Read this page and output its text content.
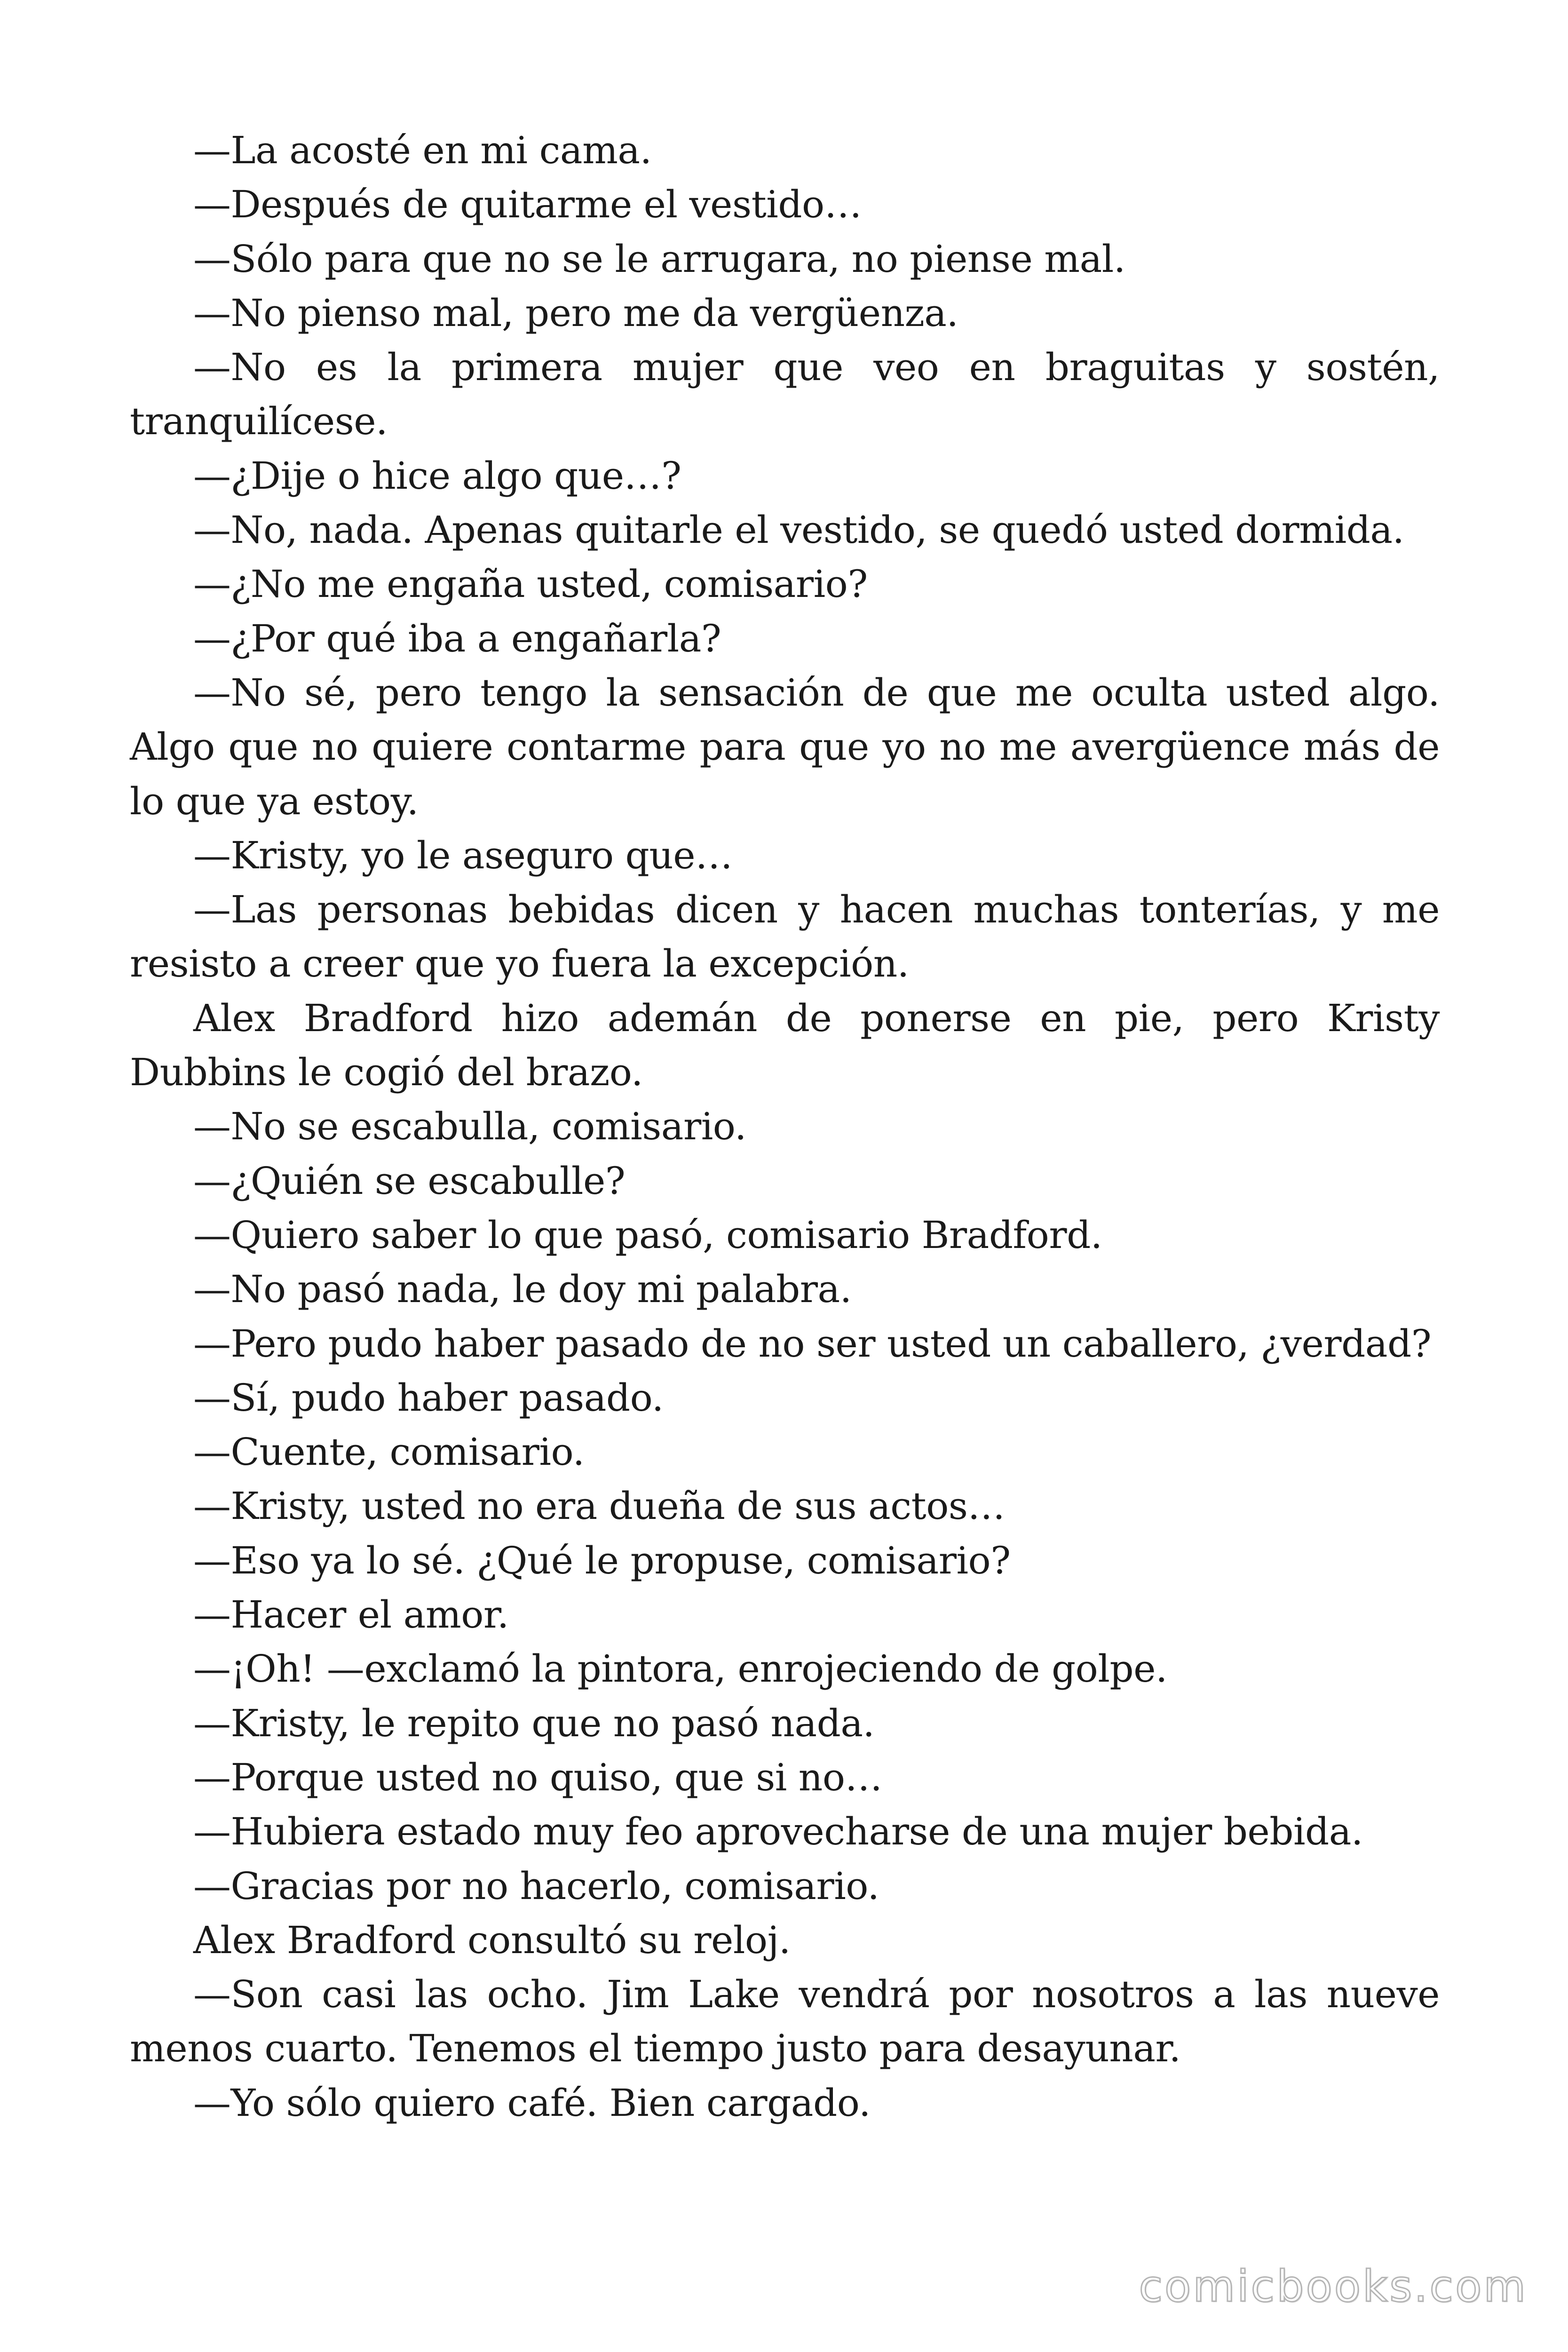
—La acosté en mi cama.

—Después de quitarme el vestido…

—Sólo para que no se le arrugara, no piense mal.

—No pienso mal, pero me da vergüenza.

—No es la primera mujer que veo en braguitas y sostén, tranquilícese.

—¿Dije o hice algo que…?

—No, nada. Apenas quitarle el vestido, se quedó usted dormida.

—¿No me engaña usted, comisario?

—¿Por qué iba a engañarla?

—No sé, pero tengo la sensación de que me oculta usted algo. Algo que no quiere contarme para que yo no me avergüence más de lo que ya estoy.

—Kristy, yo le aseguro que…

—Las personas bebidas dicen y hacen muchas tonterías, y me resisto a creer que yo fuera la excepción.

Alex Bradford hizo ademán de ponerse en pie, pero Kristy Dubbins le cogió del brazo.

—No se escabulla, comisario.

—¿Quién se escabulle?

—Quiero saber lo que pasó, comisario Bradford.

—No pasó nada, le doy mi palabra.

—Pero pudo haber pasado de no ser usted un caballero, ¿verdad?

—Sí, pudo haber pasado.

—Cuente, comisario.

—Kristy, usted no era dueña de sus actos…

—Eso ya lo sé. ¿Qué le propuse, comisario?

—Hacer el amor.

—¡Oh! —exclamó la pintora, enrojeciendo de golpe.

—Kristy, le repito que no pasó nada.

—Porque usted no quiso, que si no…

—Hubiera estado muy feo aprovecharse de una mujer bebida.

—Gracias por no hacerlo, comisario.

Alex Bradford consultó su reloj.

—Son casi las ocho. Jim Lake vendrá por nosotros a las nueve menos cuarto. Tenemos el tiempo justo para desayunar.

—Yo sólo quiero café. Bien cargado.

comicbooks.com
